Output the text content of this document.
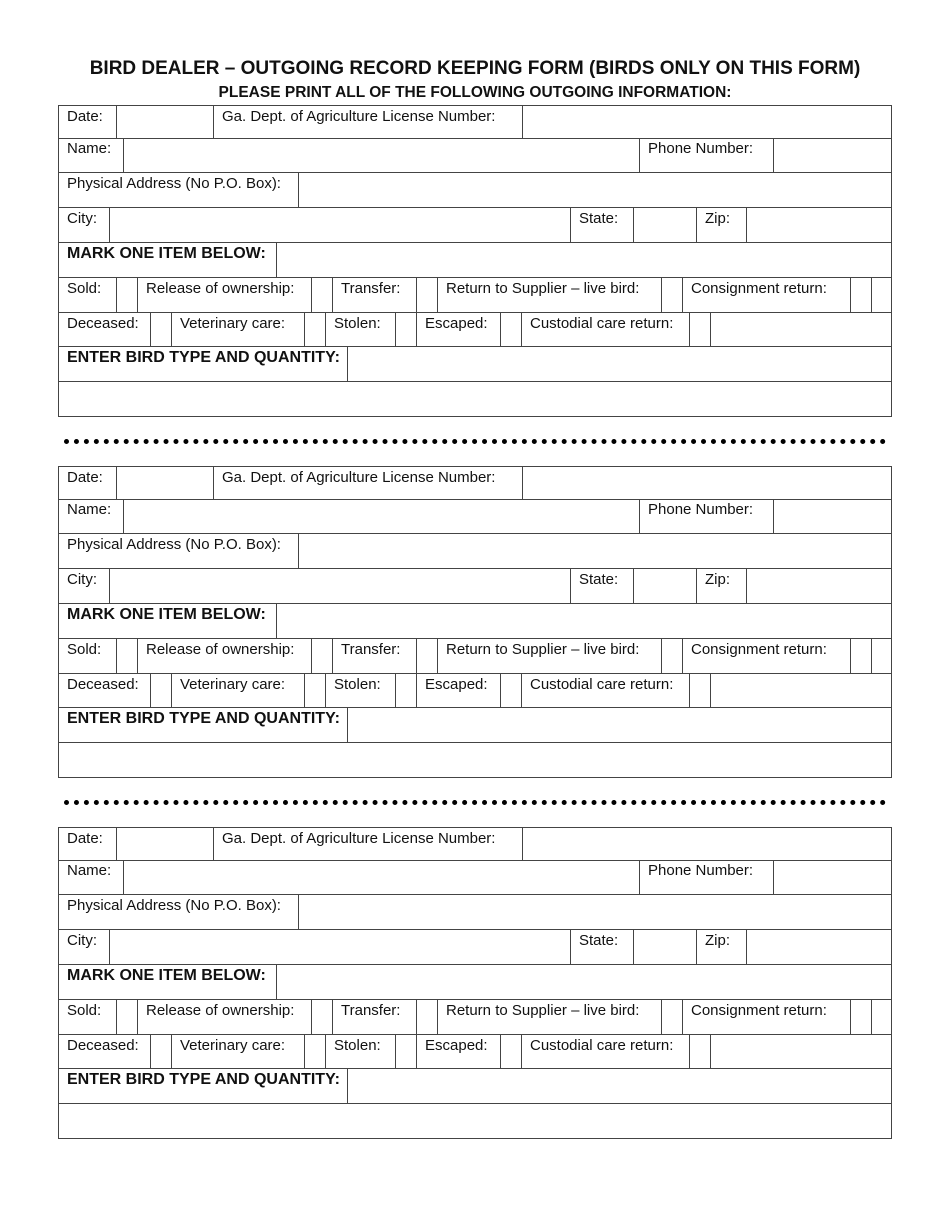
BIRD DEALER – OUTGOING RECORD KEEPING FORM (BIRDS ONLY ON THIS FORM)
PLEASE PRINT ALL OF THE FOLLOWING OUTGOING INFORMATION:
Date:	Ga. Dept. of Agriculture License Number:
Name:	Phone Number:
Physical Address (No P.O. Box):
City:	State:	Zip:
MARK ONE ITEM BELOW:
Sold:	Release of ownership:	Transfer:	Return to Supplier – live bird:	Consignment return:
Deceased:	Veterinary care:	Stolen:	Escaped:	Custodial care return:
ENTER BIRD TYPE AND QUANTITY:
Date:	Ga. Dept. of Agriculture License Number:
Name:	Phone Number:
Physical Address (No P.O. Box):
City:	State:	Zip:
MARK ONE ITEM BELOW:
Sold:	Release of ownership:	Transfer:	Return to Supplier – live bird:	Consignment return:
Deceased:	Veterinary care:	Stolen:	Escaped:	Custodial care return:
ENTER BIRD TYPE AND QUANTITY:
Date:	Ga. Dept. of Agriculture License Number:
Name:	Phone Number:
Physical Address (No P.O. Box):
City:	State:	Zip:
MARK ONE ITEM BELOW:
Sold:	Release of ownership:	Transfer:	Return to Supplier – live bird:	Consignment return:
Deceased:	Veterinary care:	Stolen:	Escaped:	Custodial care return:
ENTER BIRD TYPE AND QUANTITY:
